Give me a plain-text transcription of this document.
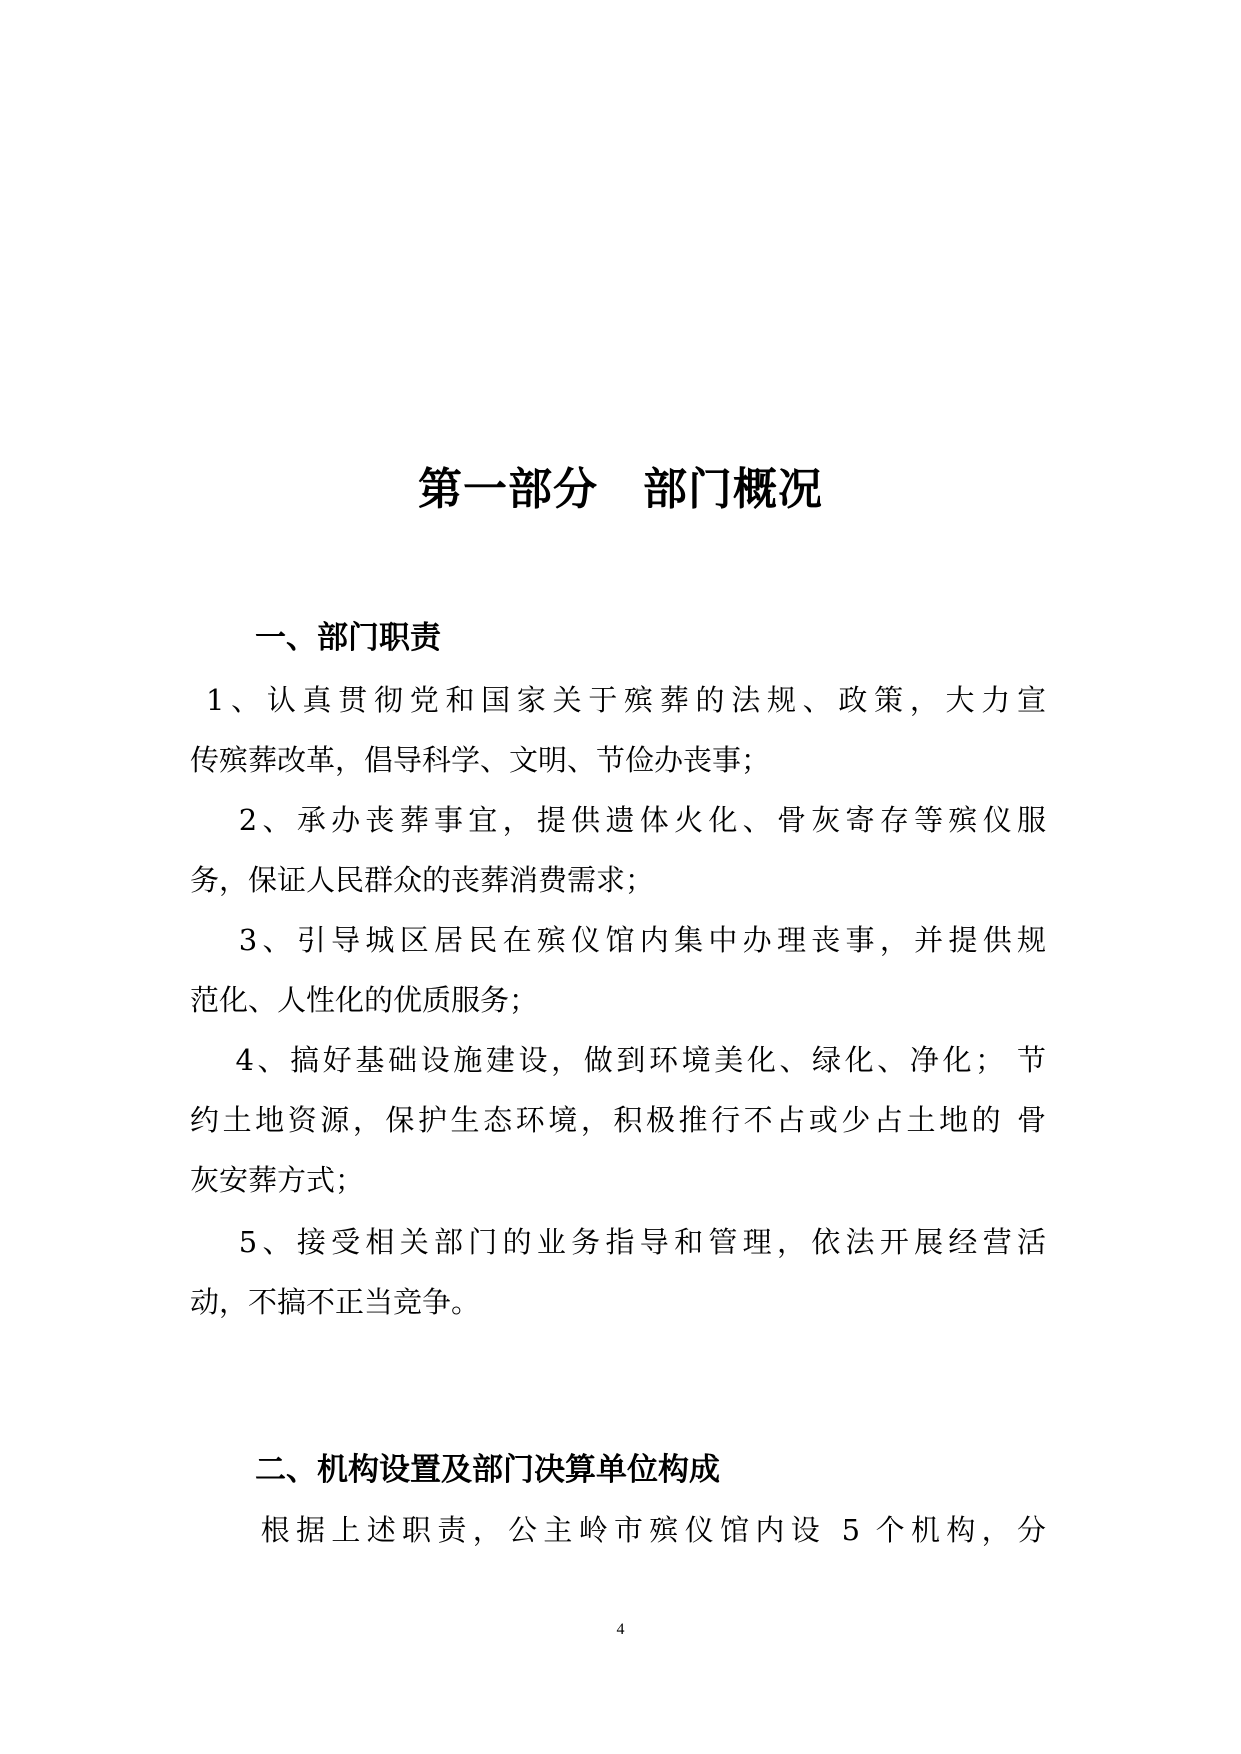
第一部分　部门概况
一、部门职责
1、认真贯彻党和国家关于殡葬的法规、政策，大力宣
传殡葬改革，倡导科学、文明、节俭办丧事；
　 2、承办丧葬事宜，提供遗体火化、骨灰寄存等殡仪服
务，保证人民群众的丧葬消费需求；
　 3、引导城区居民在殡仪馆内集中办理丧事，并提供规
范化、人性化的优质服务；
　 4、搞好基础设施建设，做到环境美化、绿化、净化； 节
约土地资源，保护生态环境，积极推行不占或少占土地的 骨
灰安葬方式；
　 5、接受相关部门的业务指导和管理，依法开展经营活
动，不搞不正当竞争。
二、机构设置及部门决算单位构成
　　根据上述职责，公主岭市殡仪馆内设 5 个机构，分
4
